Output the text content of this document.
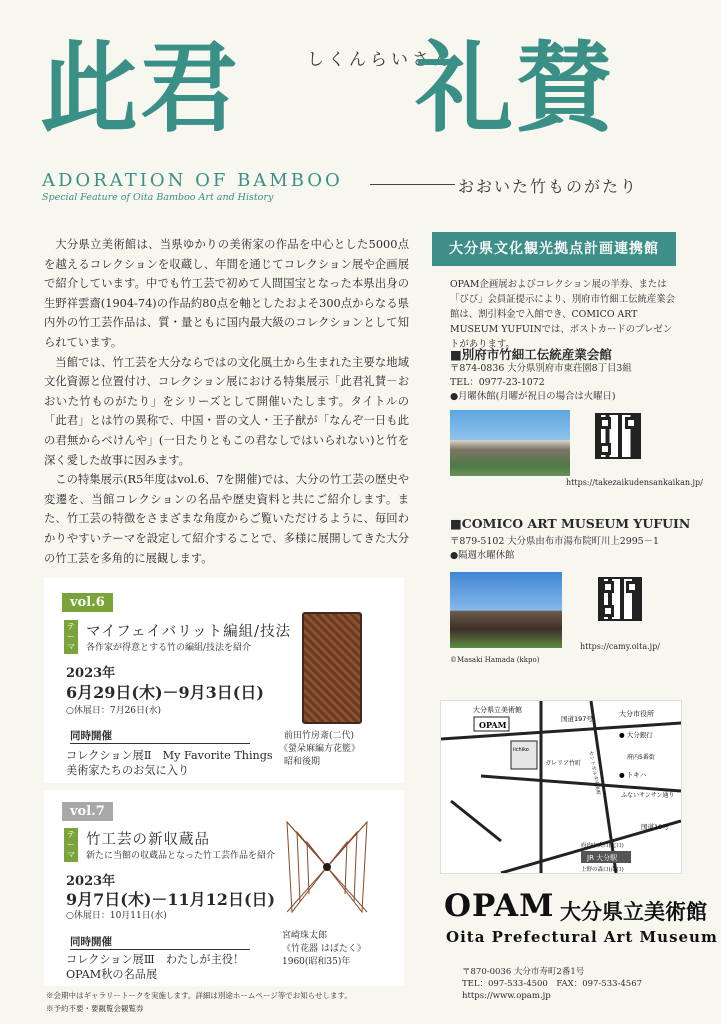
此君	しくんらいさん
礼賛
ADORATION OF BAMBOO
Special Feature of Oita Bamboo Art and History
おおいた竹ものがたり

大分県立美術館は、当県ゆかりの美術家の作品を中心とした5000点を越えるコレクションを収蔵し、年間を通じてコレクション展や企画展で紹介しています。中でも竹工芸で初めて人間国宝となった本県出身の生野祥雲齋(1904-74)の作品約80点を軸としたおよそ300点からなる県内外の竹工芸作品は、質・量ともに国内最大級のコレクションとして知られています。

当館では、竹工芸を大分ならではの文化風土から生まれた主要な地域文化資源と位置付け、コレクション展における特集展示「此君礼賛－おおいた竹ものがたり」をシリーズとして開催いたします。タイトルの「此君」とは竹の異称で、中国・晋の文人・王子猷が「なんぞ一日も此の君無からべけんや」(一日たりともこの君なしではいられない)と竹を深く愛した故事に因みます。

この特集展示(R5年度はvol.6、7を開催)では、大分の竹工芸の歴史や変遷を、当館コレクションの名品や歴史資料と共にご紹介します。また、竹工芸の特徴をさまざまな角度からご覧いただけるように、毎回わかりやすいテーマを設定して紹介することで、多様に展開してきた大分の竹工芸を多角的に展観します。

大分県文化観光拠点計画連携館
OPAM企画展およびコレクション展の半券、または「びび」会員証提示により、別府市竹細工伝統産業会館は、割引料金で入館でき、COMICO ART MUSEUM YUFUINでは、ポストカードのプレゼントがあります。
■別府市竹細工伝統産業会館
〒874-0836 大分県別府市東荘園8丁目3組
TEL：0977-23-1072
●月曜休館(月曜が祝日の場合は火曜日)
https://takezaikudensankaikan.jp/
■COMICO ART MUSEUM YUFUIN
〒879-5102 大分県由布市湯布院町川上2995－1
●隔週水曜休館
https://camy.oita.jp/
©Masaki Hamada (kkpo)
vol.6
テーマ
マイフェイバリット編組/技法
各作家が得意とする竹の編組/技法を紹介
2023年
6月29日(木)－9月3日(日)
○休展日：7月26日(水)
同時開催
コレクション展Ⅱ　My Favorite Things
美術家たちのお気に入り
前田竹房斎(二代)
《螢朵麻編方花籃》
昭和後期
vol.7
テーマ
竹工芸の新収蔵品
新たに当館の収蔵品となった竹工芸作品を紹介
2023年
9月7日(木)－11月12日(日)
○休展日：10月11日(水)
同時開催
コレクション展Ⅲ　わたしが主役！
OPAM秋の名品展
宮崎珠太郎
《竹花器 はばたく》
1960(昭和35)年
大分県立美術館
OPAM
国道197号
大分市役所
● 大分銀行
府内5番街
● トキハ
ガレリア竹町
ふないサンサン通り
国道10号
JR 大分駅
府内中央口(北口)
上野の森口(南口)
iichiko
セントポルタ中央町
OPAM 大分県立美術館
Oita Prefectural Art Museum
〒870-0036 大分市寿町2番1号
TEL：097-533-4500　FAX：097-533-4567
https://www.opam.jp
※会期中はギャラリートークを実施します。詳細は別途ホームページ等でお知らせします。
※予約不要・要観覧会観覧券
